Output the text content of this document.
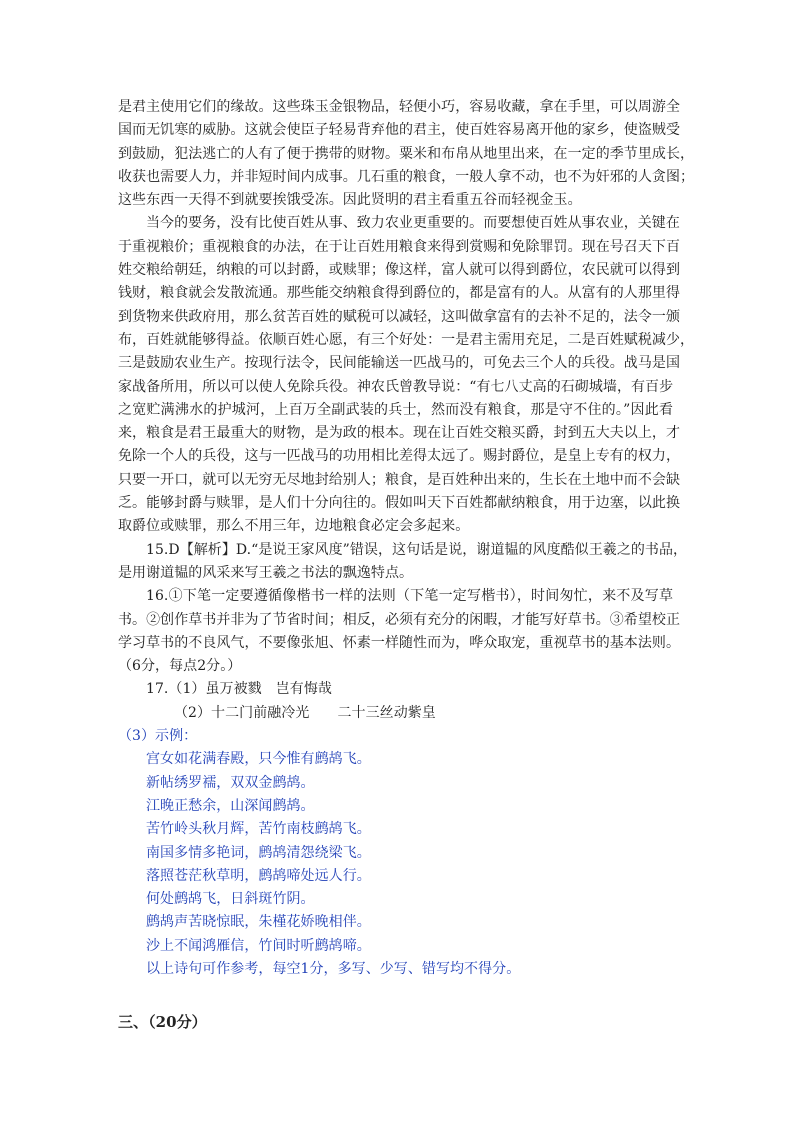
是君主使用它们的缘故。这些珠玉金银物品，轻便小巧，容易收藏，拿在手里，可以周游全
国而无饥寒的威胁。这就会使臣子轻易背弃他的君主，使百姓容易离开他的家乡，使盗贼受
到鼓励，犯法逃亡的人有了便于携带的财物。粟米和布帛从地里出来，在一定的季节里成长，
收获也需要人力，并非短时间内成事。几石重的粮食，一般人拿不动，也不为奸邪的人贪图；
这些东西一天得不到就要挨饿受冻。因此贤明的君主看重五谷而轻视金玉。
当今的要务，没有比使百姓从事、致力农业更重要的。而要想使百姓从事农业，关键在
于重视粮价；重视粮食的办法，在于让百姓用粮食来得到赏赐和免除罪罚。现在号召天下百
姓交粮给朝廷，纳粮的可以封爵，或赎罪；像这样，富人就可以得到爵位，农民就可以得到
钱财，粮食就会发散流通。那些能交纳粮食得到爵位的，都是富有的人。从富有的人那里得
到货物来供政府用，那么贫苦百姓的赋税可以减轻，这叫做拿富有的去补不足的，法令一颁
布，百姓就能够得益。依顺百姓心愿，有三个好处：一是君主需用充足，二是百姓赋税减少，
三是鼓励农业生产。按现行法令，民间能输送一匹战马的，可免去三个人的兵役。战马是国
家战备所用，所以可以使人免除兵役。神农氏曾教导说：“有七八丈高的石砌城墙，有百步
之宽贮满沸水的护城河，上百万全副武装的兵士，然而没有粮食，那是守不住的。”因此看
来，粮食是君王最重大的财物，是为政的根本。现在让百姓交粮买爵，封到五大夫以上，才
免除一个人的兵役，这与一匹战马的功用相比差得太远了。赐封爵位，是皇上专有的权力，
只要一开口，就可以无穷无尽地封给别人；粮食，是百姓种出来的，生长在土地中而不会缺
乏。能够封爵与赎罪，是人们十分向往的。假如叫天下百姓都献纳粮食，用于边塞，以此换
取爵位或赎罪，那么不用三年，边地粮食必定会多起来。
15.D【解析】D.“是说王家风度”错误，这句话是说，谢道韫的风度酷似王羲之的书品，
是用谢道韫的风采来写王羲之书法的飘逸特点。
16.①下笔一定要遵循像楷书一样的法则（下笔一定写楷书），时间匆忙，来不及写草
书。②创作草书并非为了节省时间；相反，必须有充分的闲暇，才能写好草书。③希望校正
学习草书的不良风气，不要像张旭、怀素一样随性而为，哗众取宠，重视草书的基本法则。
（6分，每点2分。）
17.（1）虽万被戮　岂有悔哉
（2）十二门前融冷光　　二十三丝动紫皇
（3）示例：
宫女如花满春殿，只今惟有鹧鸪飞。
新帖绣罗襦，双双金鹧鸪。
江晚正愁余，山深闻鹧鸪。
苦竹岭头秋月辉，苦竹南枝鹧鸪飞。
南国多情多艳词，鹧鸪清怨绕梁飞。
落照苍茫秋草明，鹧鸪啼处远人行。
何处鹧鸪飞，日斜斑竹阴。
鹧鸪声苦晓惊眠，朱槿花娇晚相伴。
沙上不闻鸿雁信，竹间时听鹧鸪啼。
以上诗句可作参考，每空1分，多写、少写、错写均不得分。
三、（20分）
